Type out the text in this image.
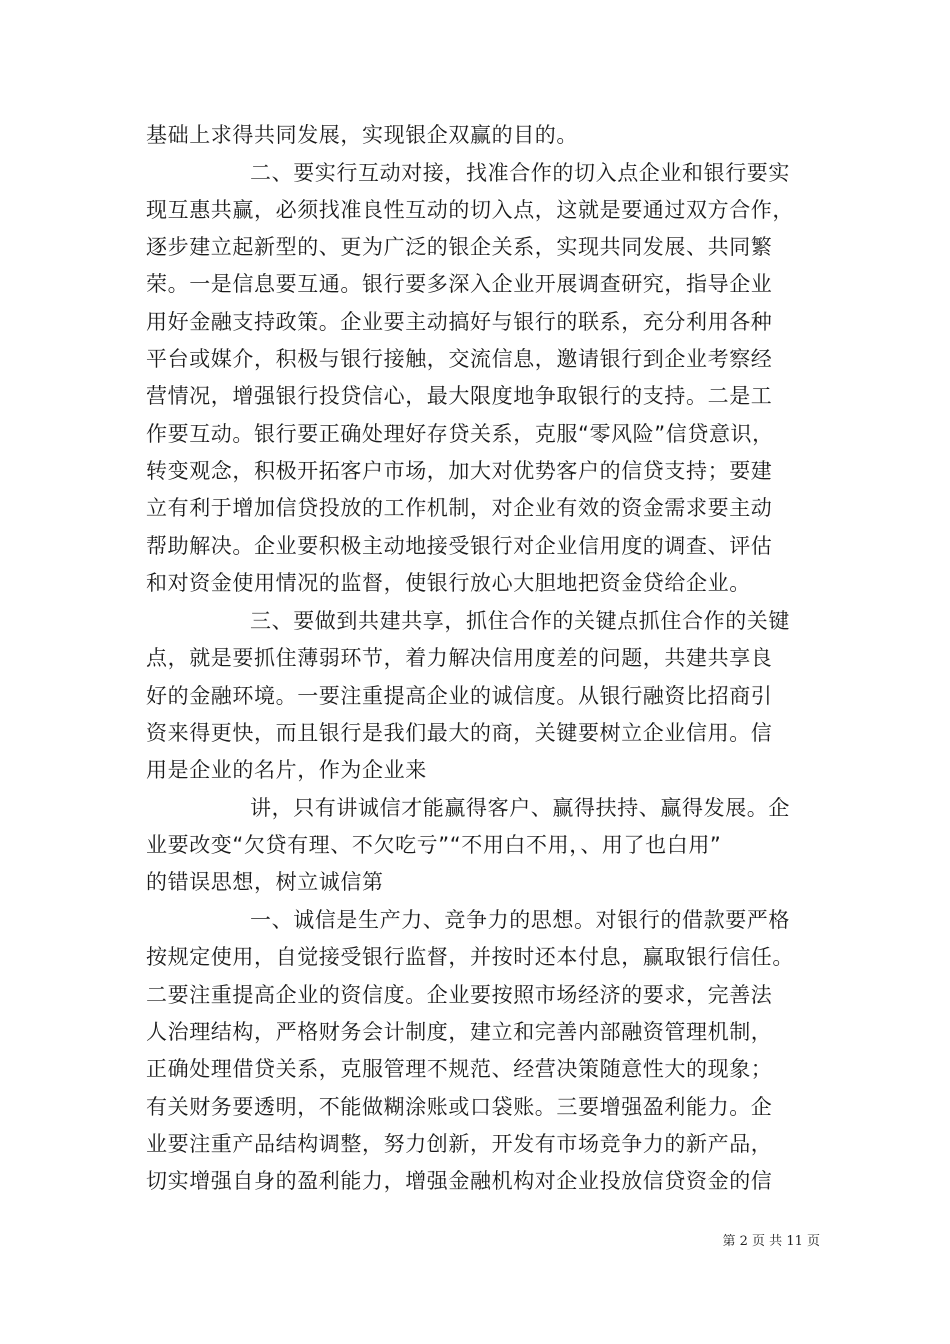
基础上求得共同发展，实现银企双赢的目的。
二、要实行互动对接，找准合作的切入点企业和银行要实
现互惠共赢，必须找准良性互动的切入点，这就是要通过双方合作，
逐步建立起新型的、更为广泛的银企关系，实现共同发展、共同繁
荣。一是信息要互通。银行要多深入企业开展调查研究，指导企业
用好金融支持政策。企业要主动搞好与银行的联系，充分利用各种
平台或媒介，积极与银行接触，交流信息，邀请银行到企业考察经
营情况，增强银行投贷信心，最大限度地争取银行的支持。二是工
作要互动。银行要正确处理好存贷关系，克服“零风险”信贷意识，
转变观念，积极开拓客户市场，加大对优势客户的信贷支持；要建
立有利于增加信贷投放的工作机制，对企业有效的资金需求要主动
帮助解决。企业要积极主动地接受银行对企业信用度的调查、评估
和对资金使用情况的监督，使银行放心大胆地把资金贷给企业。
三、要做到共建共享，抓住合作的关键点抓住合作的关键
点，就是要抓住薄弱环节，着力解决信用度差的问题，共建共享良
好的金融环境。一要注重提高企业的诚信度。从银行融资比招商引
资来得更快，而且银行是我们最大的商，关键要树立企业信用。信
用是企业的名片，作为企业来
讲，只有讲诚信才能赢得客户、赢得扶持、赢得发展。企
业要改变“欠贷有理、不欠吃亏”“不用白不用，、用了也白用”
的错误思想，树立诚信第
一、诚信是生产力、竞争力的思想。对银行的借款要严格
按规定使用，自觉接受银行监督，并按时还本付息，赢取银行信任。
二要注重提高企业的资信度。企业要按照市场经济的要求，完善法
人治理结构，严格财务会计制度，建立和完善内部融资管理机制，
正确处理借贷关系，克服管理不规范、经营决策随意性大的现象；
有关财务要透明，不能做糊涂账或口袋账。三要增强盈利能力。企
业要注重产品结构调整，努力创新，开发有市场竞争力的新产品，
切实增强自身的盈利能力，增强金融机构对企业投放信贷资金的信
第 2 页 共 11 页
